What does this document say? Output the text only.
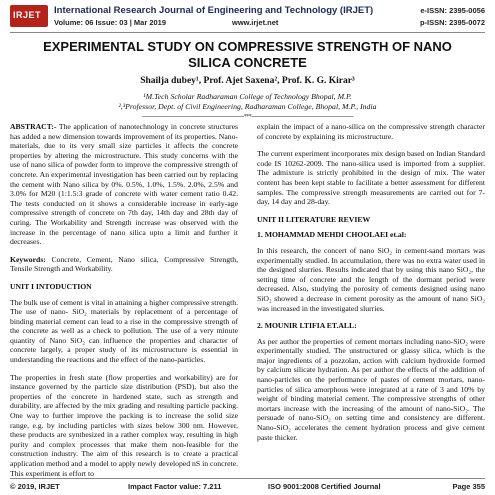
IRJET International Research Journal of Engineering and Technology (IRJET)
Volume: 06 Issue: 03 | Mar 2019	www.irjet.net
e-ISSN: 2395-0056
p-ISSN: 2395-0072
EXPERIMENTAL STUDY ON COMPRESSIVE STRENGTH OF NANO SILICA CONCRETE
Shailja dubey¹, Prof. Ajet Saxena², Prof. K. G. Kirar³
¹M.Tech Scholar Radharaman College of Technology Bhopal, M.P.
²,³Professor, Dept. of Civil Engineering, Radharaman College, Bhopal, M.P., India
--------------------------------------------------------------------***--------------------------------------------------------------------

ABSTRACT:- The application of nanotechnology in concrete structures has added a new dimension towards improvement of its properties. Nano-materials, due to its very small size particles it affects the concrete properties by altering the microstructure. This study concerns with the use of nano silica of powder form to improve the compressive strength of concrete. An experimental investigation has been carried out by replacing the cement with Nano silica by 0%. 0.5%, 1.0%, 1.5%. 2.0%, 2.5% and 3.0% for M20 (1:1.5:3 grade of concrete with water cement ratio 0.42. The tests conducted on it shows a considerable increase in early-age compressive strength of concrete on 7th day, 14th day and 28th day of curing. The Workability and Strength increase was observed with the increase in the percentage of nano silica upto a limit and further it decreases.

Keywords: Concrete, Cement, Nano silica, Compressive Strength, Tensile Strength and Workability.

UNIT I INTODUCTION

The bulk use of cement is vital in attaining a higher compressive strength. The use of nano- SiO₂ materials by replacement of a percentage of binding material cement can lead to a rise in the compressive strength of the concrete as well as a check to pollution. The use of a very minute quantity of Nano SiO₂ can influence the properties and character of concrete largely, a proper study of its microstructure is essential in understanding the reactions and the effect of the nano-particles.

The properties in fresh state (flow properties and workability) are for instance governed by the particle size distribution (PSD), but also the properties of the concrete in hardened state, such as strength and durability, are affected by the mix grading and resulting particle packing. One way to further improve the packing is to increase the solid size range, e.g. by including particles with sizes below 300 nm. However, these products are synthesized in a rather complex way, resulting in high purity and complex processes that make them non-feasible for the construction industry. The aim of this research is to create a practical application method and a model to apply newly developed nS in concrete. This experiment is effort to

explain the impact of a nano-silica on the compressive strength character of concrete by explaining its microstructure.

The current experiment incorporates mix design based on Indian Standard code IS 10262-2009. The nano-silica used is imported from a supplier. The admixture is strictly prohibited in the design of mix. The water content has been kept stable to facilitate a better assessment for different samples. The compressive strength measurements are carried out for 7-day, 14 day and 28-day.

UNIT II LITERATURE REVIEW
1. MOHAMMAD MEHDI CHOOLAEI et.al:

In this research, the concert of nano SiO₂ in cement-sand mortars was experimentally studied. In accumulation, there was no extra water used in the designed slurries. Results indicated that by using this nano SiO₂, the setting time of concrete and the length of the dormant period were decreased. Also, studying the porosity of cements designed using nano SiO₂ showed a decrease in cement porosity as the amount of nano SiO₂ was increased in the investigated slurries.

2. MOUNIR LTIFIA ET.ALL:

As per author the properties of cement mortars including nano-SiO₂ were experimentally studied. The unstructured or glassy silica, which is the major ingredients of a pozzolan, action with calcium hydroxide formed by calcium silicate hydration. As per author the effects of the addition of nano-particles on the performance of pastes of cement mortars, nano-particles of silica amorphous were integrated at a rate of 3 and 10% by weight of binding material cement. The compressive strengths of other mortars increase with the increasing of the amount of nano-SiO₂. The persuade of nano-SiO₂ on setting time and consistency are different. Nano-SiO₂ accelerates the cement hydration process and give cement paste thicker.

© 2019, IRJET	Impact Factor value: 7.211	ISO 9001:2008 Certified Journal	Page 355
